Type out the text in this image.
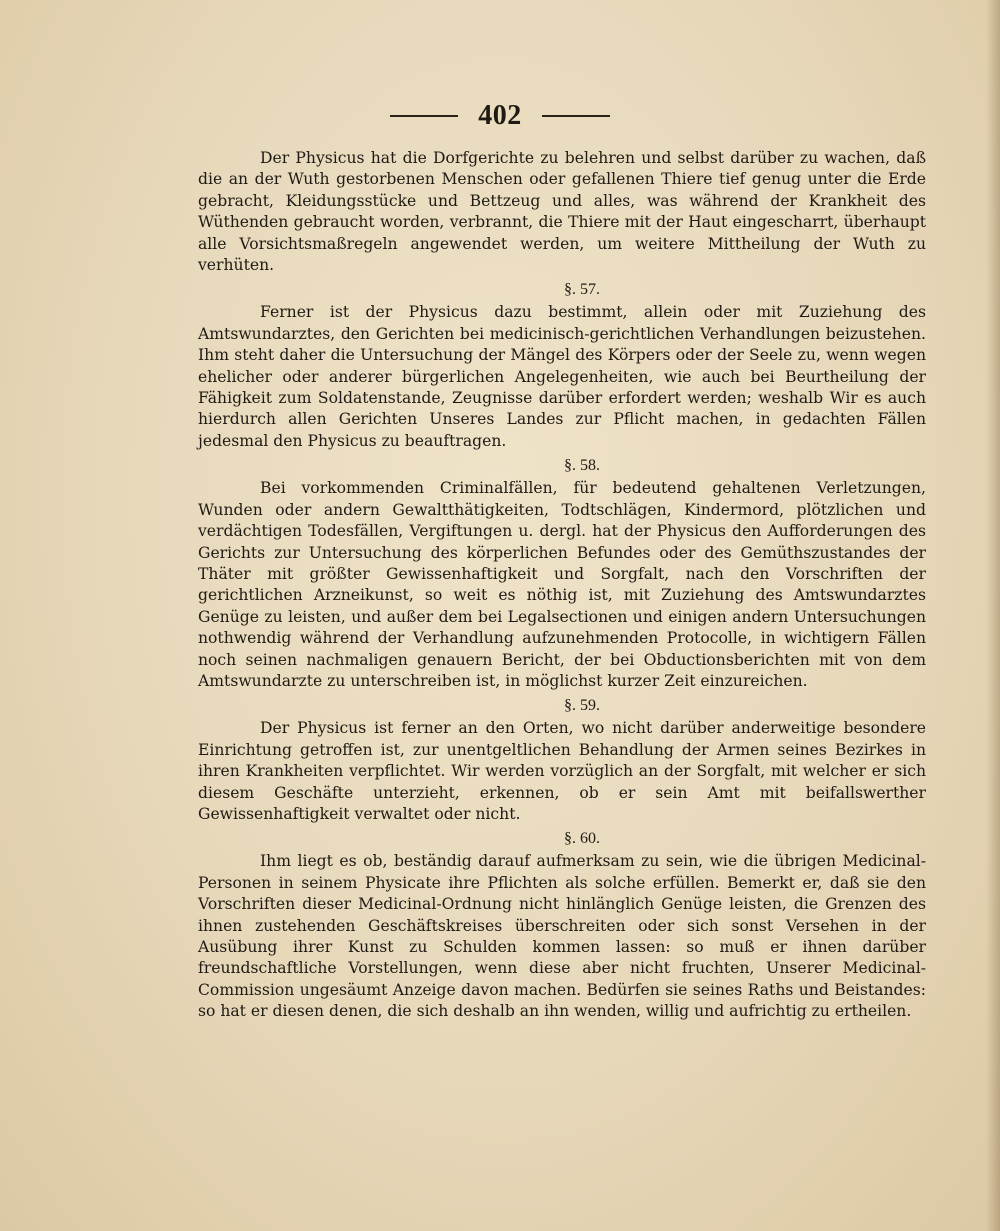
402

Der Physicus hat die Dorfgerichte zu belehren und selbst darüber zu wachen, daß die an der Wuth gestorbenen Menschen oder gefallenen Thiere tief genug unter die Erde gebracht, Kleidungsstücke und Bettzeug und alles, was während der Krankheit des Wüthenden gebraucht worden, verbrannt, die Thiere mit der Haut eingescharrt, überhaupt alle Vorsichtsmaßregeln angewendet werden, um weitere Mittheilung der Wuth zu verhüten.

§. 57.

Ferner ist der Physicus dazu bestimmt, allein oder mit Zuziehung des Amtswundarztes, den Gerichten bei medicinisch-gerichtlichen Verhandlungen beizustehen. Ihm steht daher die Untersuchung der Mängel des Körpers oder der Seele zu, wenn wegen ehelicher oder anderer bürgerlichen Angelegenheiten, wie auch bei Beurtheilung der Fähigkeit zum Soldatenstande, Zeugnisse darüber erfordert werden; weshalb Wir es auch hierdurch allen Gerichten Unseres Landes zur Pflicht machen, in gedachten Fällen jedesmal den Physicus zu beauftragen.

§. 58.

Bei vorkommenden Criminalfällen, für bedeutend gehaltenen Verletzungen, Wunden oder andern Gewaltthätigkeiten, Todtschlägen, Kindermord, plötzlichen und verdächtigen Todesfällen, Vergiftungen u. dergl. hat der Physicus den Aufforderungen des Gerichts zur Untersuchung des körperlichen Befundes oder des Gemüthszustandes der Thäter mit größter Gewissenhaftigkeit und Sorgfalt, nach den Vorschriften der gerichtlichen Arzneikunst, so weit es nöthig ist, mit Zuziehung des Amtswundarztes Genüge zu leisten, und außer dem bei Legalsectionen und einigen andern Untersuchungen nothwendig während der Verhandlung aufzunehmenden Protocolle, in wichtigern Fällen noch seinen nachmaligen genauern Bericht, der bei Obductionsberichten mit von dem Amtswundarzte zu unterschreiben ist, in möglichst kurzer Zeit einzureichen.

§. 59.

Der Physicus ist ferner an den Orten, wo nicht darüber anderweitige besondere Einrichtung getroffen ist, zur unentgeltlichen Behandlung der Armen seines Bezirkes in ihren Krankheiten verpflichtet. Wir werden vorzüglich an der Sorgfalt, mit welcher er sich diesem Geschäfte unterzieht, erkennen, ob er sein Amt mit beifallswerther Gewissenhaftigkeit verwaltet oder nicht.

§. 60.

Ihm liegt es ob, beständig darauf aufmerksam zu sein, wie die übrigen Medicinal-Personen in seinem Physicate ihre Pflichten als solche erfüllen. Bemerkt er, daß sie den Vorschriften dieser Medicinal-Ordnung nicht hinlänglich Genüge leisten, die Grenzen des ihnen zustehenden Geschäftskreises überschreiten oder sich sonst Versehen in der Ausübung ihrer Kunst zu Schulden kommen lassen: so muß er ihnen darüber freundschaftliche Vorstellungen, wenn diese aber nicht fruchten, Unserer Medicinal-Commission ungesäumt Anzeige davon machen. Bedürfen sie seines Raths und Beistandes: so hat er diesen denen, die sich deshalb an ihn wenden, willig und aufrichtig zu ertheilen.
